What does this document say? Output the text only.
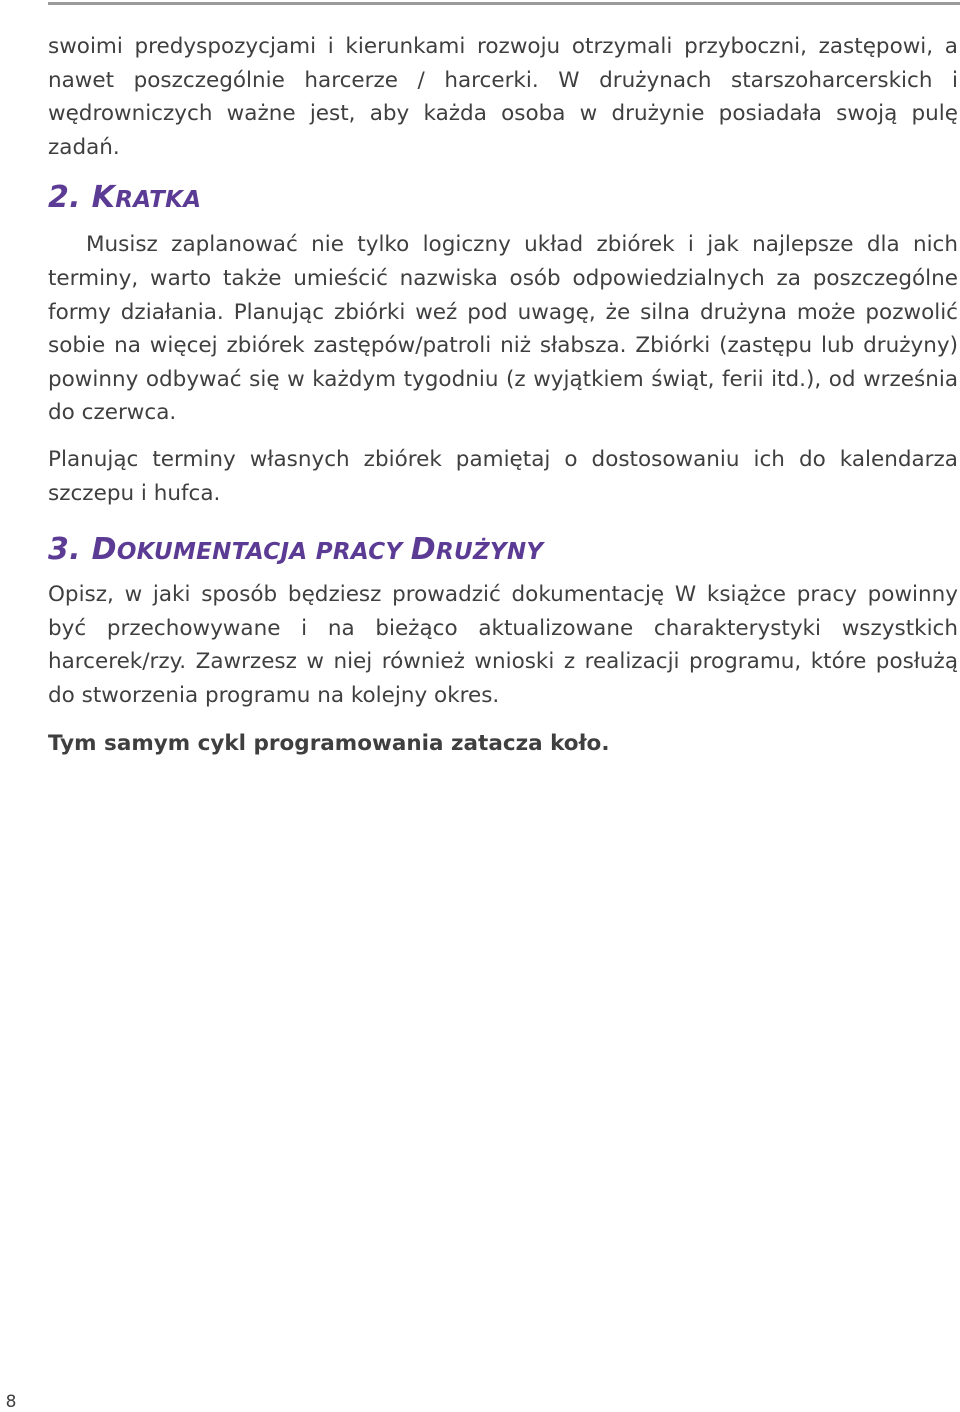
swoimi predyspozycjami i kierunkami rozwoju otrzymali przyboczni, zastępowi, a nawet poszczególnie harcerze / harcerki. W drużynach starszoharcerskich i wędrowniczych ważne jest, aby każda osoba w drużynie posiadała swoją pulę zadań.

2. KRATKA

Musisz zaplanować nie tylko logiczny układ zbiórek i jak najlepsze dla nich terminy, warto także umieścić nazwiska osób odpowiedzialnych za poszczególne formy działania. Planując zbiórki weź pod uwagę, że silna drużyna może pozwolić sobie na więcej zbiórek zastępów/patroli niż słabsza. Zbiórki (zastępu lub drużyny) powinny odbywać się w każdym tygodniu (z wyjątkiem świąt, ferii itd.), od września do czerwca.

Planując terminy własnych zbiórek pamiętaj o dostosowaniu ich do kalendarza szczepu i hufca.

3. DOKUMENTACJA PRACY DRUŻYNY

Opisz, w jaki sposób będziesz prowadzić dokumentację W książce pracy powinny być przechowywane i na bieżąco aktualizowane charakterystyki wszystkich harcerek/rzy. Zawrzesz w niej również wnioski z realizacji programu, które posłużą do stworzenia programu na kolejny okres.

Tym samym cykl programowania zatacza koło.

8
